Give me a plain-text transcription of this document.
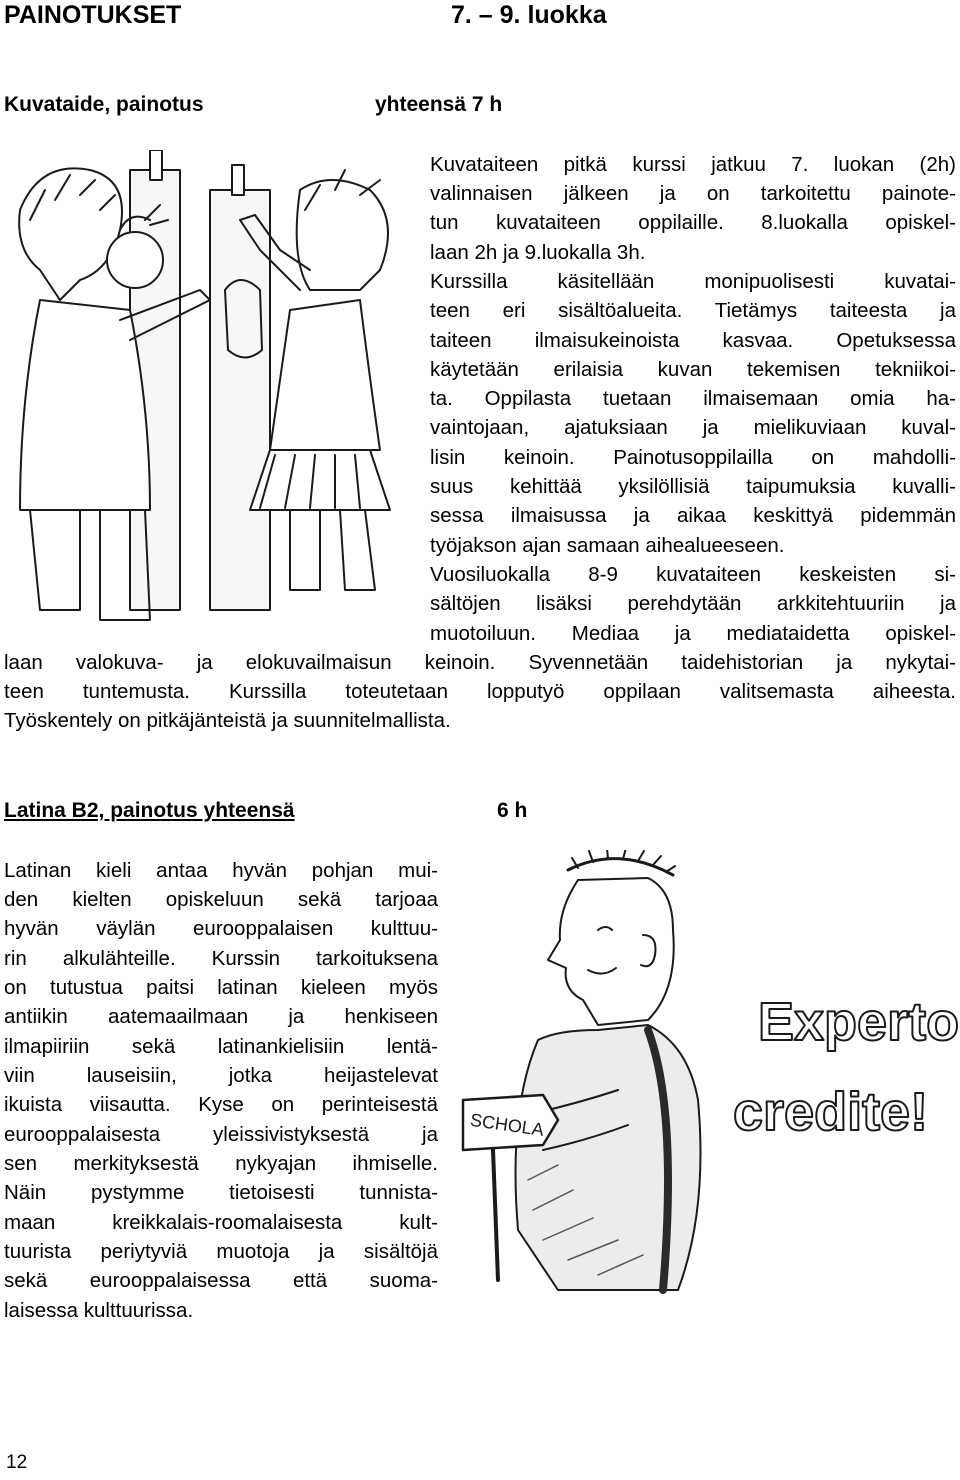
PAINOTUKSET	7. – 9. luokka
Kuvataide, painotus	yhteensä 7 h
Kuvataiteen pitkä kurssi jatkuu 7. luokan (2h)
valinnaisen jälkeen ja on tarkoitettu painote-
tun kuvataiteen oppilaille. 8.luokalla opiskel-
laan 2h ja 9.luokalla 3h.
Kurssilla käsitellään monipuolisesti kuvatai-
teen eri sisältöalueita. Tietämys taiteesta ja
taiteen ilmaisukeinoista kasvaa. Opetuksessa
käytetään erilaisia kuvan tekemisen tekniikoi-
ta. Oppilasta tuetaan ilmaisemaan omia ha-
vaintojaan, ajatuksiaan ja mielikuviaan kuval-
lisin keinoin. Painotusoppilailla on mahdolli-
suus kehittää yksilöllisiä taipumuksia kuvalli-
sessa ilmaisussa ja aikaa keskittyä pidemmän
työjakson ajan samaan aihealueeseen.
Vuosiluokalla 8-9 kuvataiteen keskeisten si-
sältöjen lisäksi perehdytään arkkitehtuuriin ja
muotoiluun. Mediaa ja mediataidetta opiskel-
laan valokuva- ja elokuvailmaisun keinoin. Syvennetään taidehistorian ja nykytai-
teen tuntemusta. Kurssilla toteutetaan lopputyö oppilaan valitsemasta aiheesta.
Työskentely on pitkäjänteistä ja suunnitelmallista.
Latina B2, painotus yhteensä	6 h
Latinan kieli antaa hyvän pohjan mui-
den kielten opiskeluun sekä tarjoaa
hyvän väylän eurooppalaisen kulttuu-
rin alkulähteille. Kurssin tarkoituksena
on tutustua paitsi latinan kieleen myös
antiikin aatemaailmaan ja henkiseen
ilmapiiriin sekä latinankielisiin lentä-
viin lauseisiin, jotka heijastelevat
ikuista viisautta. Kyse on perinteisestä
eurooppalaisesta yleissivistyksestä ja
sen merkityksestä nykyajan ihmiselle.
Näin pystymme tietoisesti tunnista-
maan kreikkalais-roomalaisesta kult-
tuurista periytyviä muotoja ja sisältöjä
sekä eurooppalaisessa että suoma-
laisessa kulttuurissa.
SCHOLA
Experto
credite!
12
